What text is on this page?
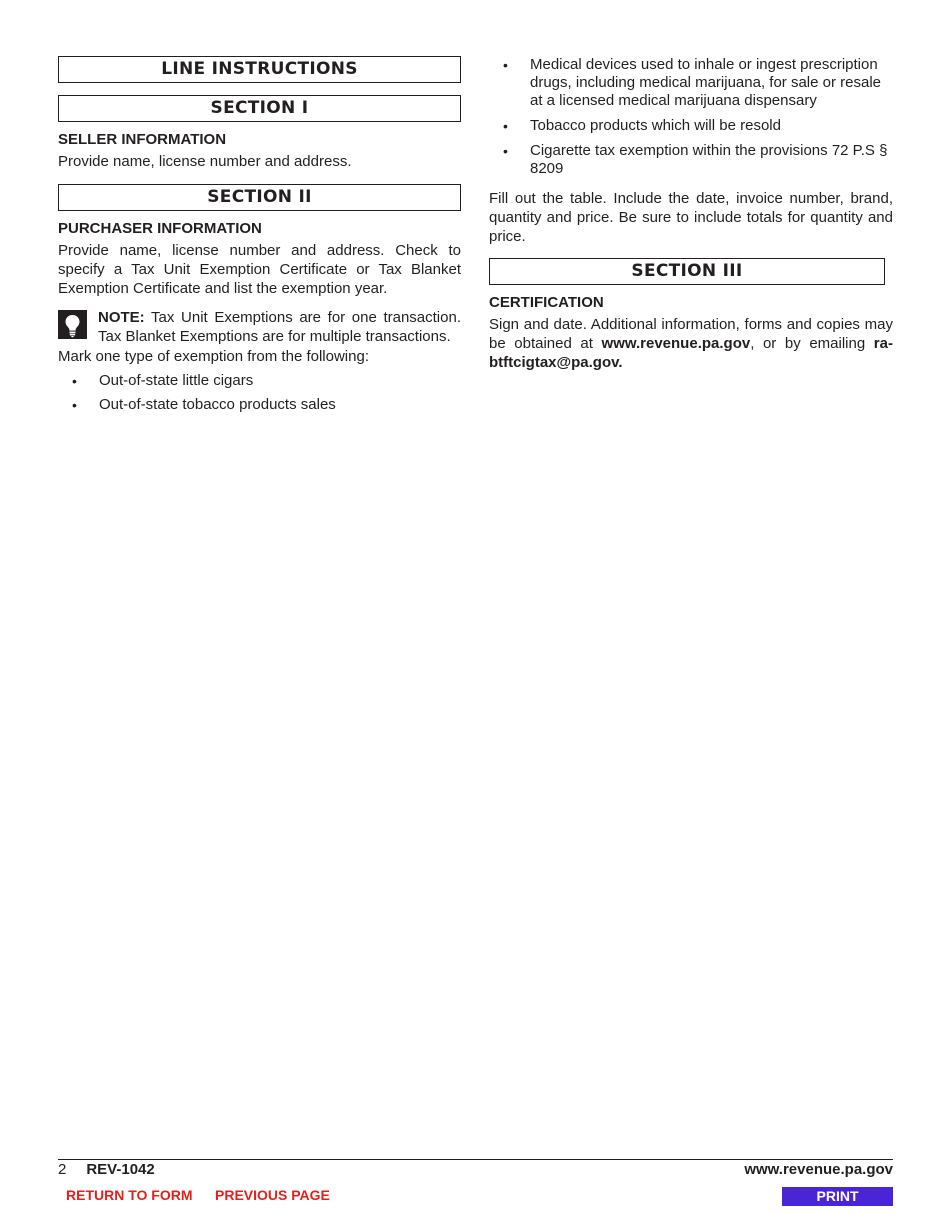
LINE INSTRUCTIONS
SECTION I
SELLER INFORMATION

Provide name, license number and address.

SECTION II
PURCHASER INFORMATION

Provide name, license number and address. Check to specify a Tax Unit Exemption Certificate or Tax Blanket Exemption Certificate and list the exemption year.

NOTE: Tax Unit Exemptions are for one transaction. Tax Blanket Exemptions are for multiple transactions.

Mark one type of exemption from the following:

• Out-of-state little cigars
• Out-of-state tobacco products sales
• Medical devices used to inhale or ingest prescription drugs, including medical marijuana, for sale or resale at a licensed medical marijuana dispensary
• Tobacco products which will be resold
• Cigarette tax exemption within the provisions 72 P.S § 8209

Fill out the table. Include the date, invoice number, brand, quantity and price. Be sure to include totals for quantity and price.

SECTION III
CERTIFICATION

Sign and date. Additional information, forms and copies may be obtained at www.revenue.pa.gov, or by emailing ra-btftcigtax@pa.gov.

2 REV-1042	www.revenue.pa.gov
RETURN TO FORM PREVIOUS PAGE	PRINT
